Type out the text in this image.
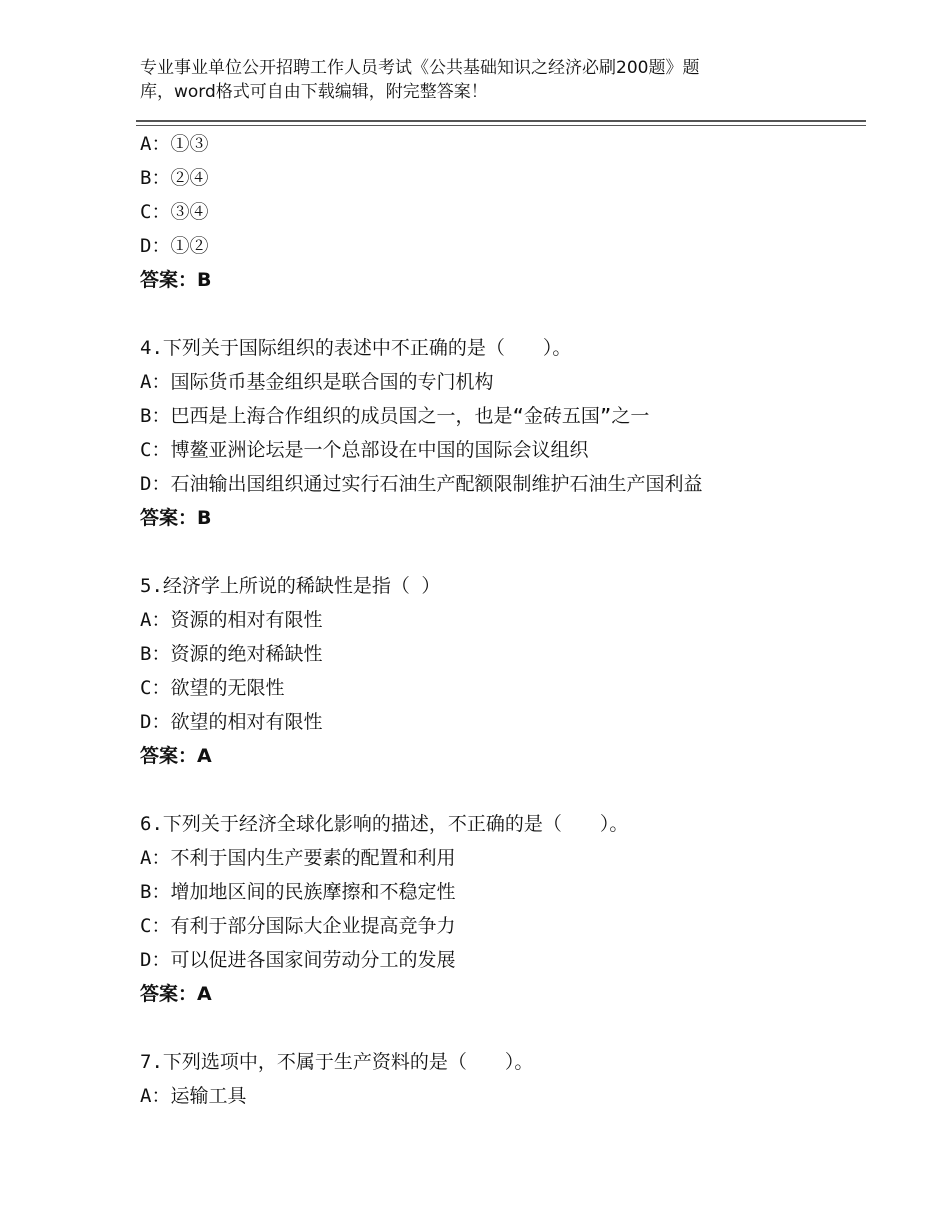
专业事业单位公开招聘工作人员考试《公共基础知识之经济必刷200题》题
库，word格式可自由下载编辑，附完整答案！
A：①③
B：②④
C：③④
D：①②
答案：B
4.下列关于国际组织的表述中不正确的是（　　）。
A：国际货币基金组织是联合国的专门机构
B：巴西是上海合作组织的成员国之一，也是“金砖五国”之一
C：博鳌亚洲论坛是一个总部设在中国的国际会议组织
D：石油输出国组织通过实行石油生产配额限制维护石油生产国利益
答案：B
5.经济学上所说的稀缺性是指（ ）
A：资源的相对有限性
B：资源的绝对稀缺性
C：欲望的无限性
D：欲望的相对有限性
答案：A
6.下列关于经济全球化影响的描述，不正确的是（　　）。
A：不利于国内生产要素的配置和利用
B：增加地区间的民族摩擦和不稳定性
C：有利于部分国际大企业提高竞争力
D：可以促进各国家间劳动分工的发展
答案：A
7.下列选项中，不属于生产资料的是（　　）。
A：运输工具
